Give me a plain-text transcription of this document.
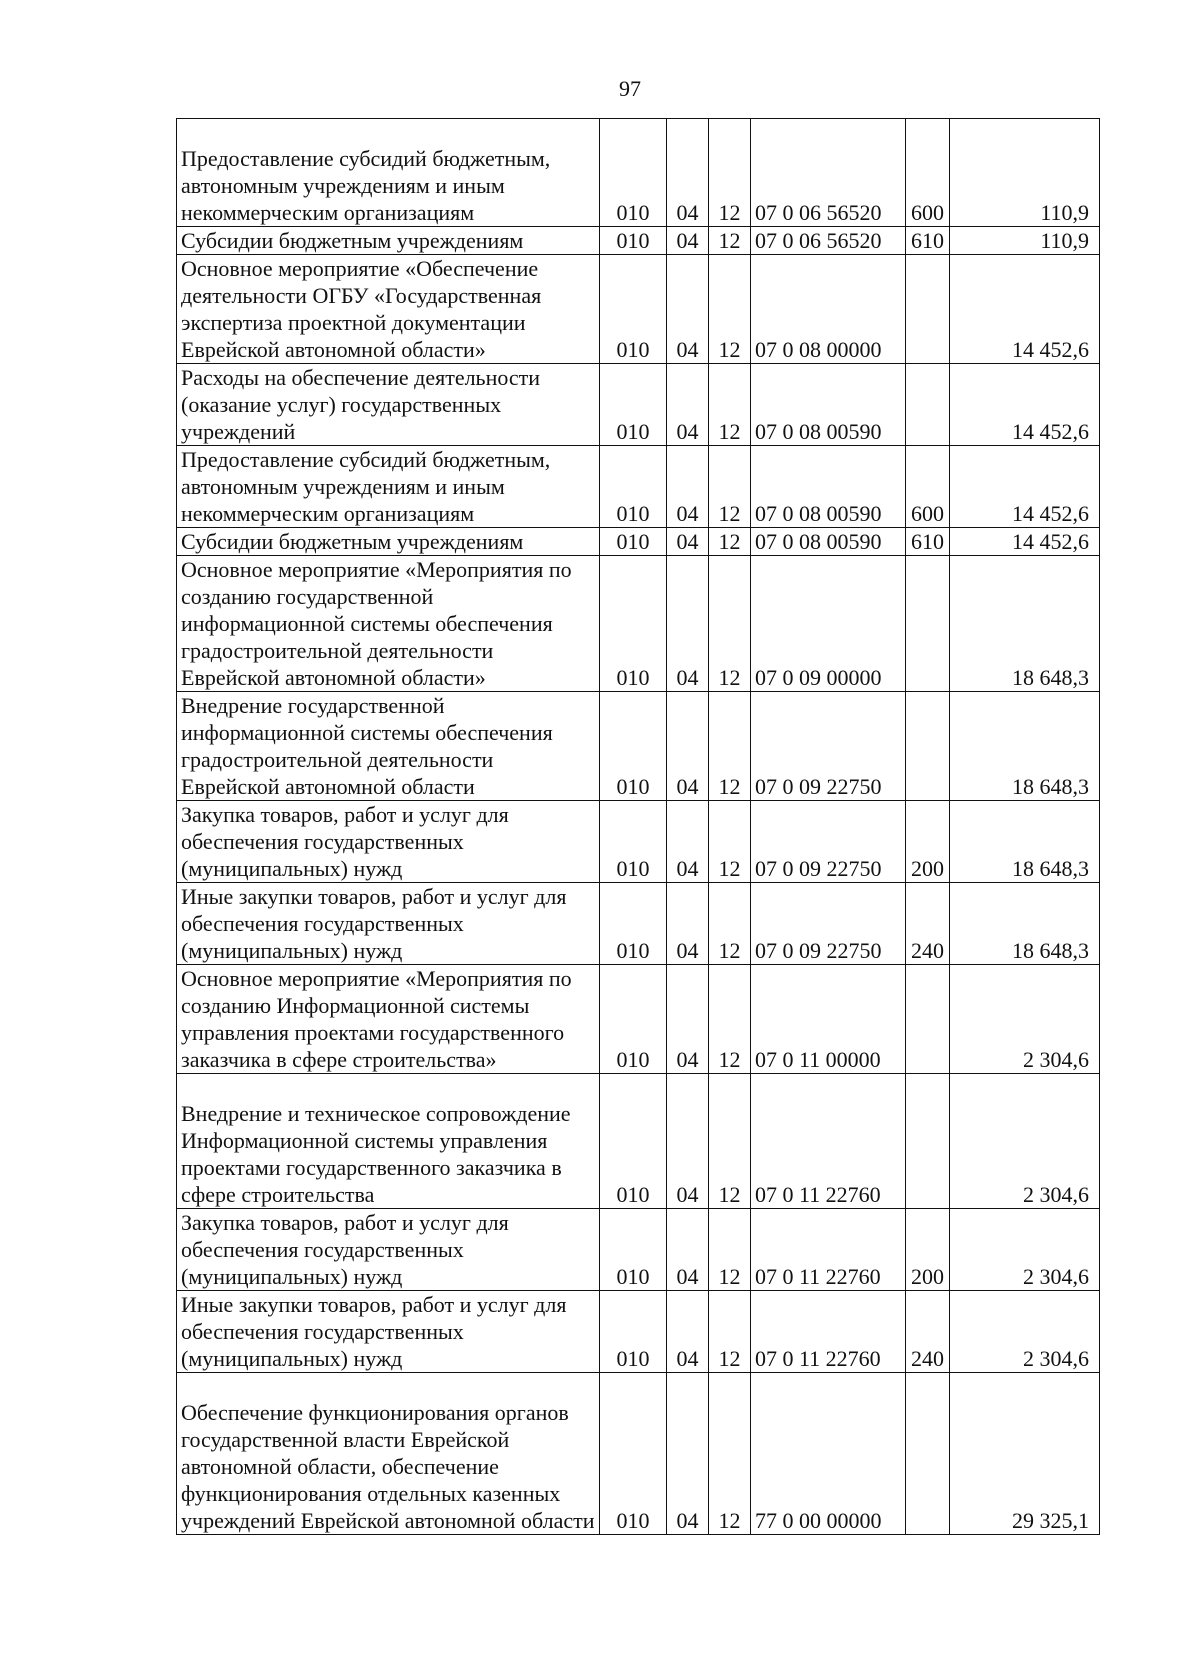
97
Предоставление субсидий бюджетным, автономным учреждениям и иным некоммерческим организациям	010	04	12	07 0 06 56520	600	110,9
Субсидии бюджетным учреждениям	010	04	12	07 0 06 56520	610	110,9
Основное мероприятие «Обеспечение деятельности ОГБУ «Государственная экспертиза проектной документации Еврейской автономной области»	010	04	12	07 0 08 00000		14 452,6
Расходы на обеспечение деятельности (оказание услуг) государственных учреждений	010	04	12	07 0 08 00590		14 452,6
Предоставление субсидий бюджетным, автономным учреждениям и иным некоммерческим организациям	010	04	12	07 0 08 00590	600	14 452,6
Субсидии бюджетным учреждениям	010	04	12	07 0 08 00590	610	14 452,6
Основное мероприятие «Мероприятия по созданию государственной информационной системы обеспечения градостроительной деятельности Еврейской автономной области»	010	04	12	07 0 09 00000		18 648,3
Внедрение государственной информационной системы обеспечения градостроительной деятельности Еврейской автономной области	010	04	12	07 0 09 22750		18 648,3
Закупка товаров, работ и услуг для обеспечения государственных (муниципальных) нужд	010	04	12	07 0 09 22750	200	18 648,3
Иные закупки товаров, работ и услуг для обеспечения государственных (муниципальных) нужд	010	04	12	07 0 09 22750	240	18 648,3
Основное мероприятие «Мероприятия по созданию Информационной системы управления проектами государственного заказчика в сфере строительства»	010	04	12	07 0 11 00000		2 304,6
Внедрение и техническое сопровождение Информационной системы управления проектами государственного заказчика в сфере строительства	010	04	12	07 0 11 22760		2 304,6
Закупка товаров, работ и услуг для обеспечения государственных (муниципальных) нужд	010	04	12	07 0 11 22760	200	2 304,6
Иные закупки товаров, работ и услуг для обеспечения государственных (муниципальных) нужд	010	04	12	07 0 11 22760	240	2 304,6
Обеспечение функционирования органов государственной власти Еврейской автономной области, обеспечение функционирования отдельных казенных учреждений Еврейской автономной области	010	04	12	77 0 00 00000		29 325,1
